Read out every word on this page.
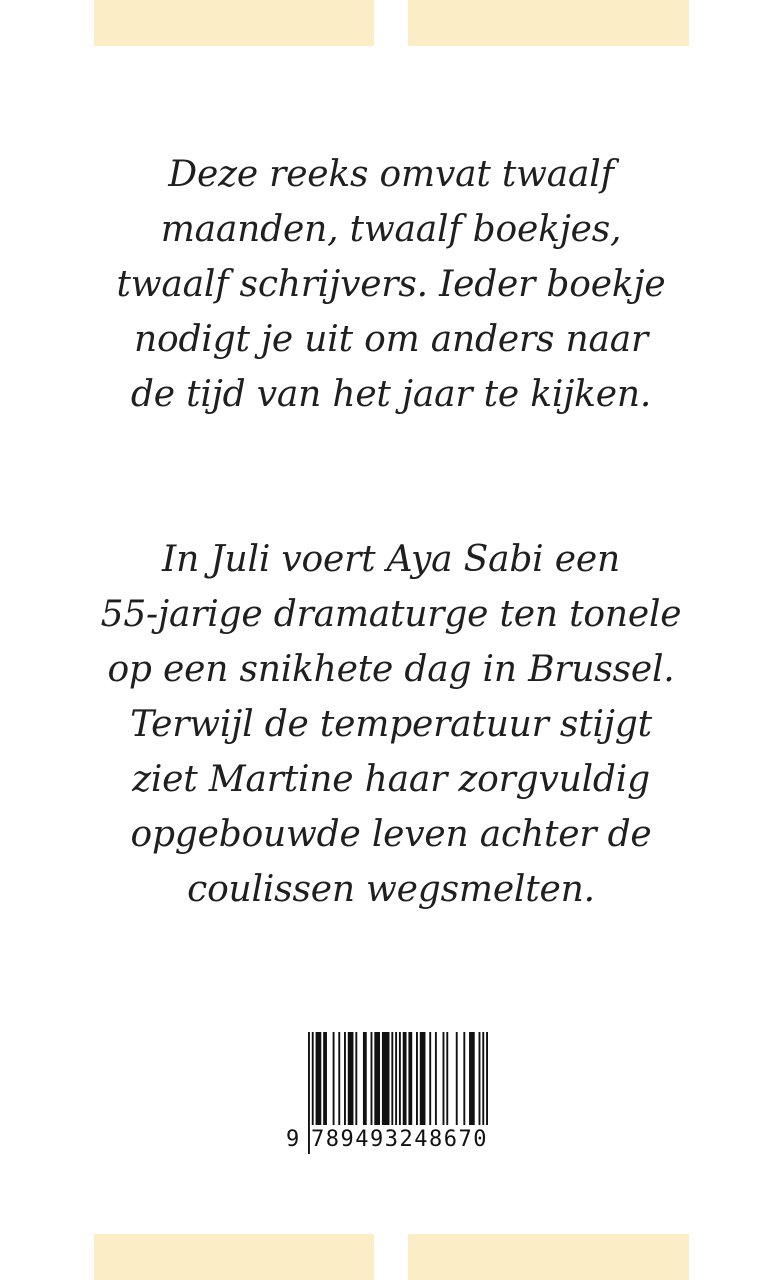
Deze reeks omvat twaalf
maanden, twaalf boekjes,
twaalf schrijvers. Ieder boekje
nodigt je uit om anders naar
de tijd van het jaar te kijken.

In Juli voert Aya Sabi een
55-jarige dramaturge ten tonele
op een snikhete dag in Brussel.
Terwijl de temperatuur stijgt
ziet Martine haar zorgvuldig
opgebouwde leven achter de
coulissen wegsmelten.

9 789493248670
